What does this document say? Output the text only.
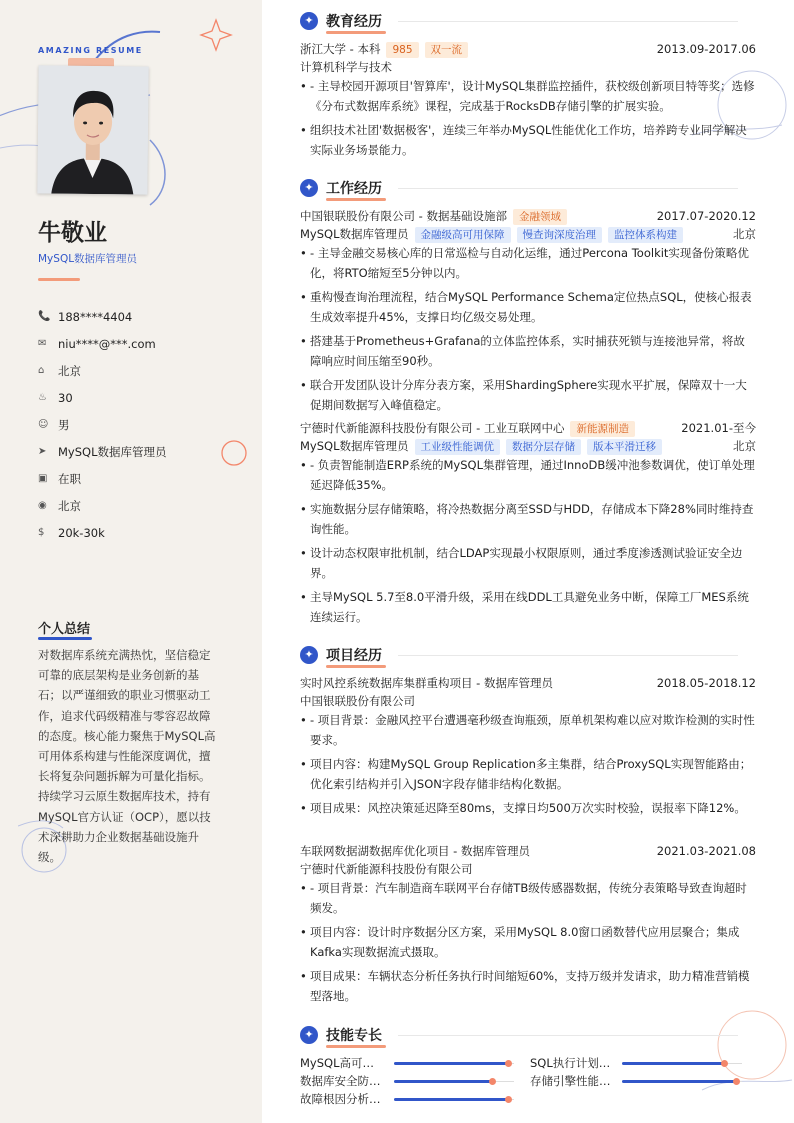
AMAZING RESUME
牛敬业
MySQL数据库管理员
📞 188****4404
✉	niu****@***.com
⌂	北京
♨ 30
☺ 男
➤	MySQL数据库管理员
▣ 在职
◉ 北京
$	20k-30k
个人总结
对数据库系统充满热忱，坚信稳定可靠的底层架构是业务创新的基石；以严谨细致的职业习惯驱动工作，追求代码级精准与零容忍故障的态度。核心能力聚焦于MySQL高可用体系构建与性能深度调优，擅长将复杂问题拆解为可量化指标。持续学习云原生数据库技术，持有MySQL官方认证（OCP），愿以技术深耕助力企业数据基础设施升级。
✦ 教育经历
浙江大学 - 本科 985 双一流	2013.09-2017.06
计算机科学与技术
• - 主导校园开源项目'智算库'，设计MySQL集群监控插件，获校级创新项目特等奖；选修《分布式数据库系统》课程，完成基于RocksDB存储引擎的扩展实验。
• 组织技术社团'数据极客'，连续三年举办MySQL性能优化工作坊，培养跨专业同学解决实际业务场景能力。
✦ 工作经历
中国银联股份有限公司 - 数据基础设施部 金融领域	2017.07-2020.12
MySQL数据库管理员 金融级高可用保障 慢查询深度治理 监控体系构建	北京
• - 主导金融交易核心库的日常巡检与自动化运维，通过Percona Toolkit实现备份策略优化，将RTO缩短至5分钟以内。
• 重构慢查询治理流程，结合MySQL Performance Schema定位热点SQL，使核心报表生成效率提升45%，支撑日均亿级交易处理。
• 搭建基于Prometheus+Grafana的立体监控体系，实时捕获死锁与连接池异常，将故障响应时间压缩至90秒。
• 联合开发团队设计分库分表方案，采用ShardingSphere实现水平扩展，保障双十一大促期间数据写入峰值稳定。
宁德时代新能源科技股份有限公司 - 工业互联网中心 新能源制造	2021.01-至今
MySQL数据库管理员 工业级性能调优 数据分层存储 版本平滑迁移	北京
• - 负责智能制造ERP系统的MySQL集群管理，通过InnoDB缓冲池参数调优，使订单处理延迟降低35%。
• 实施数据分层存储策略，将冷热数据分离至SSD与HDD，存储成本下降28%同时维持查询性能。
• 设计动态权限审批机制，结合LDAP实现最小权限原则，通过季度渗透测试验证安全边界。
• 主导MySQL 5.7至8.0平滑升级，采用在线DDL工具避免业务中断，保障工厂MES系统连续运行。
✦ 项目经历
实时风控系统数据库集群重构项目 - 数据库管理员	2018.05-2018.12
中国银联股份有限公司
• - 项目背景：金融风控平台遭遇毫秒级查询瓶颈，原单机架构难以应对欺诈检测的实时性要求。
• 项目内容：构建MySQL Group Replication多主集群，结合ProxySQL实现智能路由；优化索引结构并引入JSON字段存储非结构化数据。
• 项目成果：风控决策延迟降至80ms，支撑日均500万次实时校验，误报率下降12%。
车联网数据湖数据库优化项目 - 数据库管理员	2021.03-2021.08
宁德时代新能源科技股份有限公司
• - 项目背景：汽车制造商车联网平台存储TB级传感器数据，传统分表策略导致查询超时频发。
• 项目内容：设计时序数据分区方案，采用MySQL 8.0窗口函数替代应用层聚合；集成Kafka实现数据流式摄取。
• 项目成果：车辆状态分析任务执行时间缩短60%，支持万级并发请求，助力精准营销模型落地。
✦ 技能专长
MySQL高可…	SQL执行计划…
数据库安全防…	存储引擎性能…
故障根因分析…
